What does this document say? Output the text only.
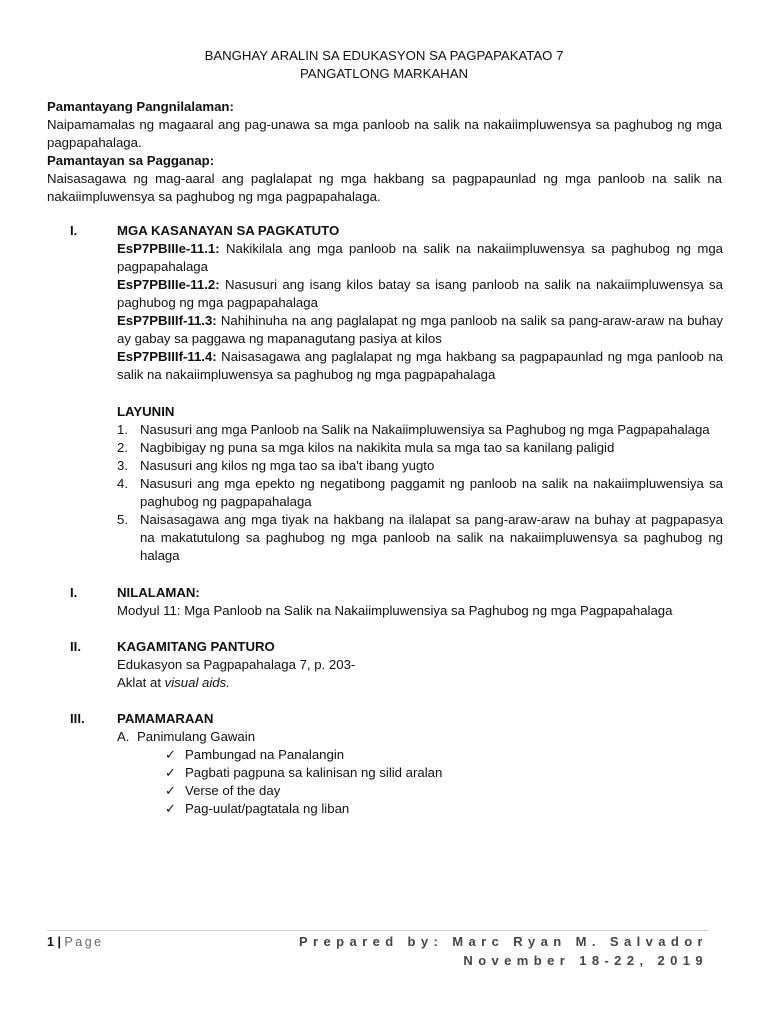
BANGHAY ARALIN SA EDUKASYON SA PAGPAPAKATAO 7
PANGATLONG MARKAHAN
Pamantayang Pangnilalaman:
Naipamamalas ng magaaral ang pag-unawa sa mga panloob na salik na nakaiimpluwensya sa paghubog ng mga pagpapahalaga.
Pamantayan sa Pagganap:
Naisasagawa ng mag-aaral ang paglalapat ng mga hakbang sa pagpapaunlad ng mga panloob na salik na nakaiimpluwensya sa paghubog ng mga pagpapahalaga.
I.	MGA KASANAYAN SA PAGKATUTO
EsP7PBIIIe-11.1: Nakikilala ang mga panloob na salik na nakaiimpluwensya sa paghubog ng mga pagpapahalaga
EsP7PBIIIe-11.2: Nasusuri ang isang kilos batay sa isang panloob na salik na nakaiimpluwensya sa paghubog ng mga pagpapahalaga
EsP7PBIIIf-11.3: Nahihinuha na ang paglalapat ng mga panloob na salik sa pang-araw-araw na buhay ay gabay sa paggawa ng mapanagutang pasiya at kilos
EsP7PBIIIf-11.4: Naisasagawa ang paglalapat ng mga hakbang sa pagpapaunlad ng mga panloob na salik na nakaiimpluwensya sa paghubog ng mga pagpapahalaga
LAYUNIN
1. Nasusuri ang mga Panloob na Salik na Nakaiimpluwensiya sa Paghubog ng mga Pagpapahalaga
2. Nagbibigay ng puna sa mga kilos na nakikita mula sa mga tao sa kanilang paligid
3. Nasusuri ang kilos ng mga tao sa iba't ibang yugto
4. Nasusuri ang mga epekto ng negatibong paggamit ng panloob na salik na nakaiimpluwensiya sa paghubog ng pagpapahalaga
5. Naisasagawa ang mga tiyak na hakbang na ilalapat sa pang-araw-araw na buhay at pagpapasya na makatutulong sa paghubog ng mga panloob na salik na nakaiimpluwensya sa paghubog ng halaga
I.	NILALAMAN:
Modyul 11: Mga Panloob na Salik na Nakaiimpluwensiya sa Paghubog ng mga Pagpapahalaga
II.	KAGAMITANG PANTURO
Edukasyon sa Pagpapahalaga 7, p. 203-
Aklat at visual aids.
III.	PAMAMARAAN
A. Panimulang Gawain
✓ Pambungad na Panalangin
✓ Pagbati pagpuna sa kalinisan ng silid aralan
✓ Verse of the day
✓ Pag-uulat/pagtatala ng liban
1 | Page	Prepared by: Marc Ryan M. Salvador
November 18-22, 2019
